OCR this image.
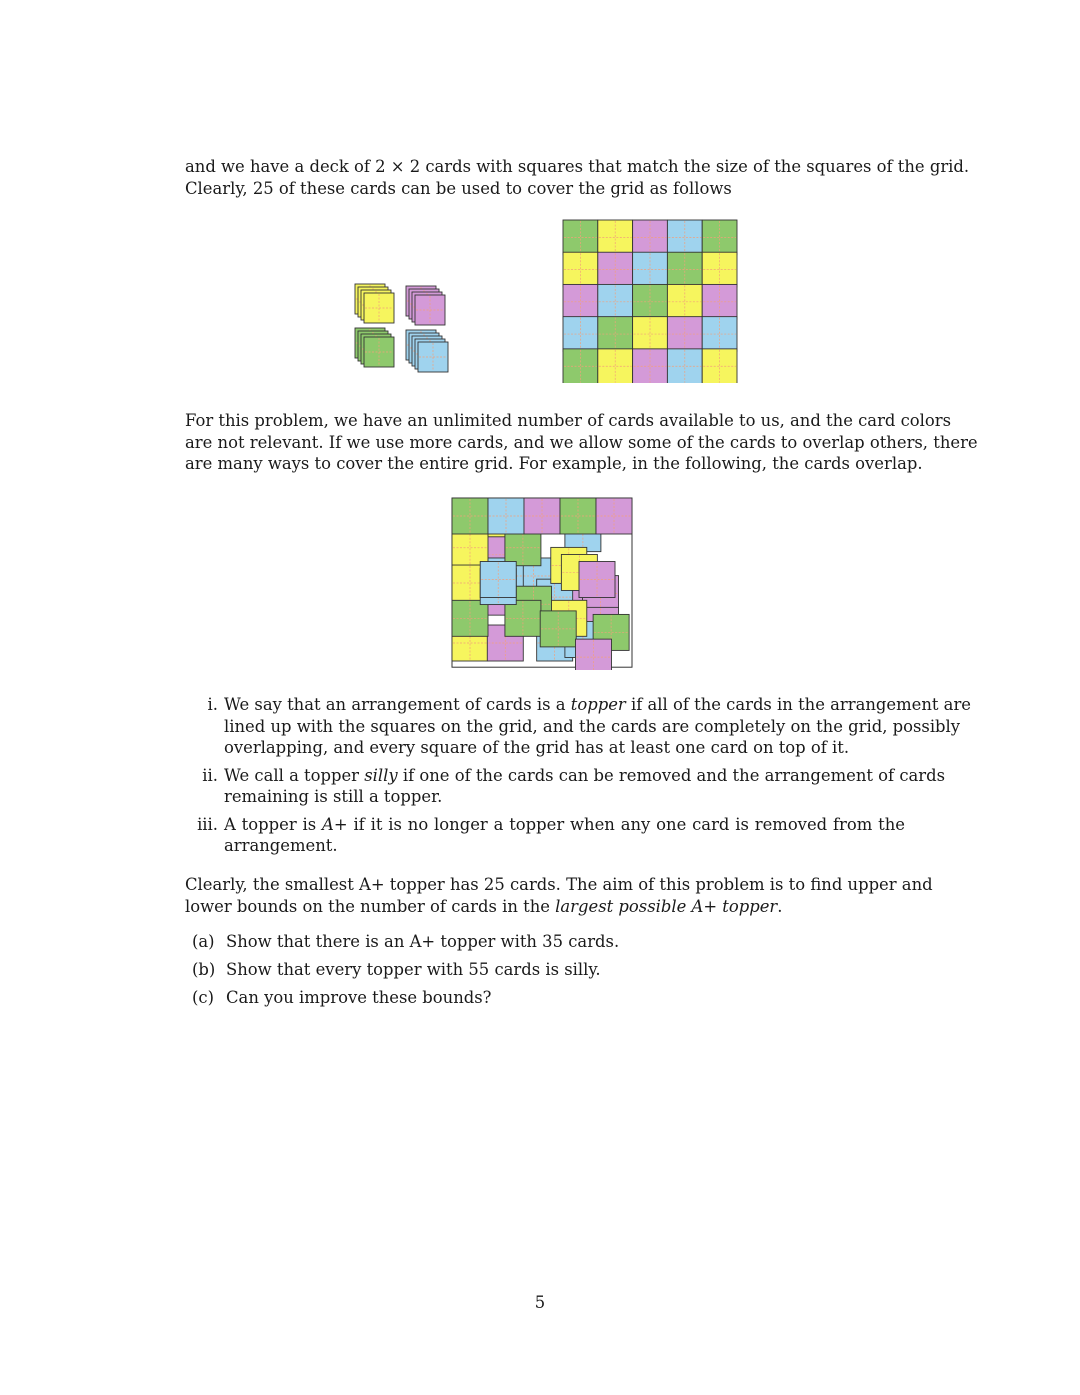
and we have a deck of 2 × 2 cards with squares that match the size of the squares of the grid.
Clearly, 25 of these cards can be used to cover the grid as follows
For this problem, we have an unlimited number of cards available to us, and the card colors
are not relevant. If we use more cards, and we allow some of the cards to overlap others, there
are many ways to cover the entire grid. For example, in the following, the cards overlap.
i. We say that an arrangement of cards is a topper if all of the cards in the arrangement are
lined up with the squares on the grid, and the cards are completely on the grid, possibly
overlapping, and every square of the grid has at least one card on top of it.
ii. We call a topper silly if one of the cards can be removed and the arrangement of cards
remaining is still a topper.
iii. A topper is A+ if it is no longer a topper when any one card is removed from the
arrangement.
Clearly, the smallest A+ topper has 25 cards. The aim of this problem is to find upper and
lower bounds on the number of cards in the largest possible A+ topper.
(a) Show that there is an A+ topper with 35 cards.
(b) Show that every topper with 55 cards is silly.
(c) Can you improve these bounds?
5
